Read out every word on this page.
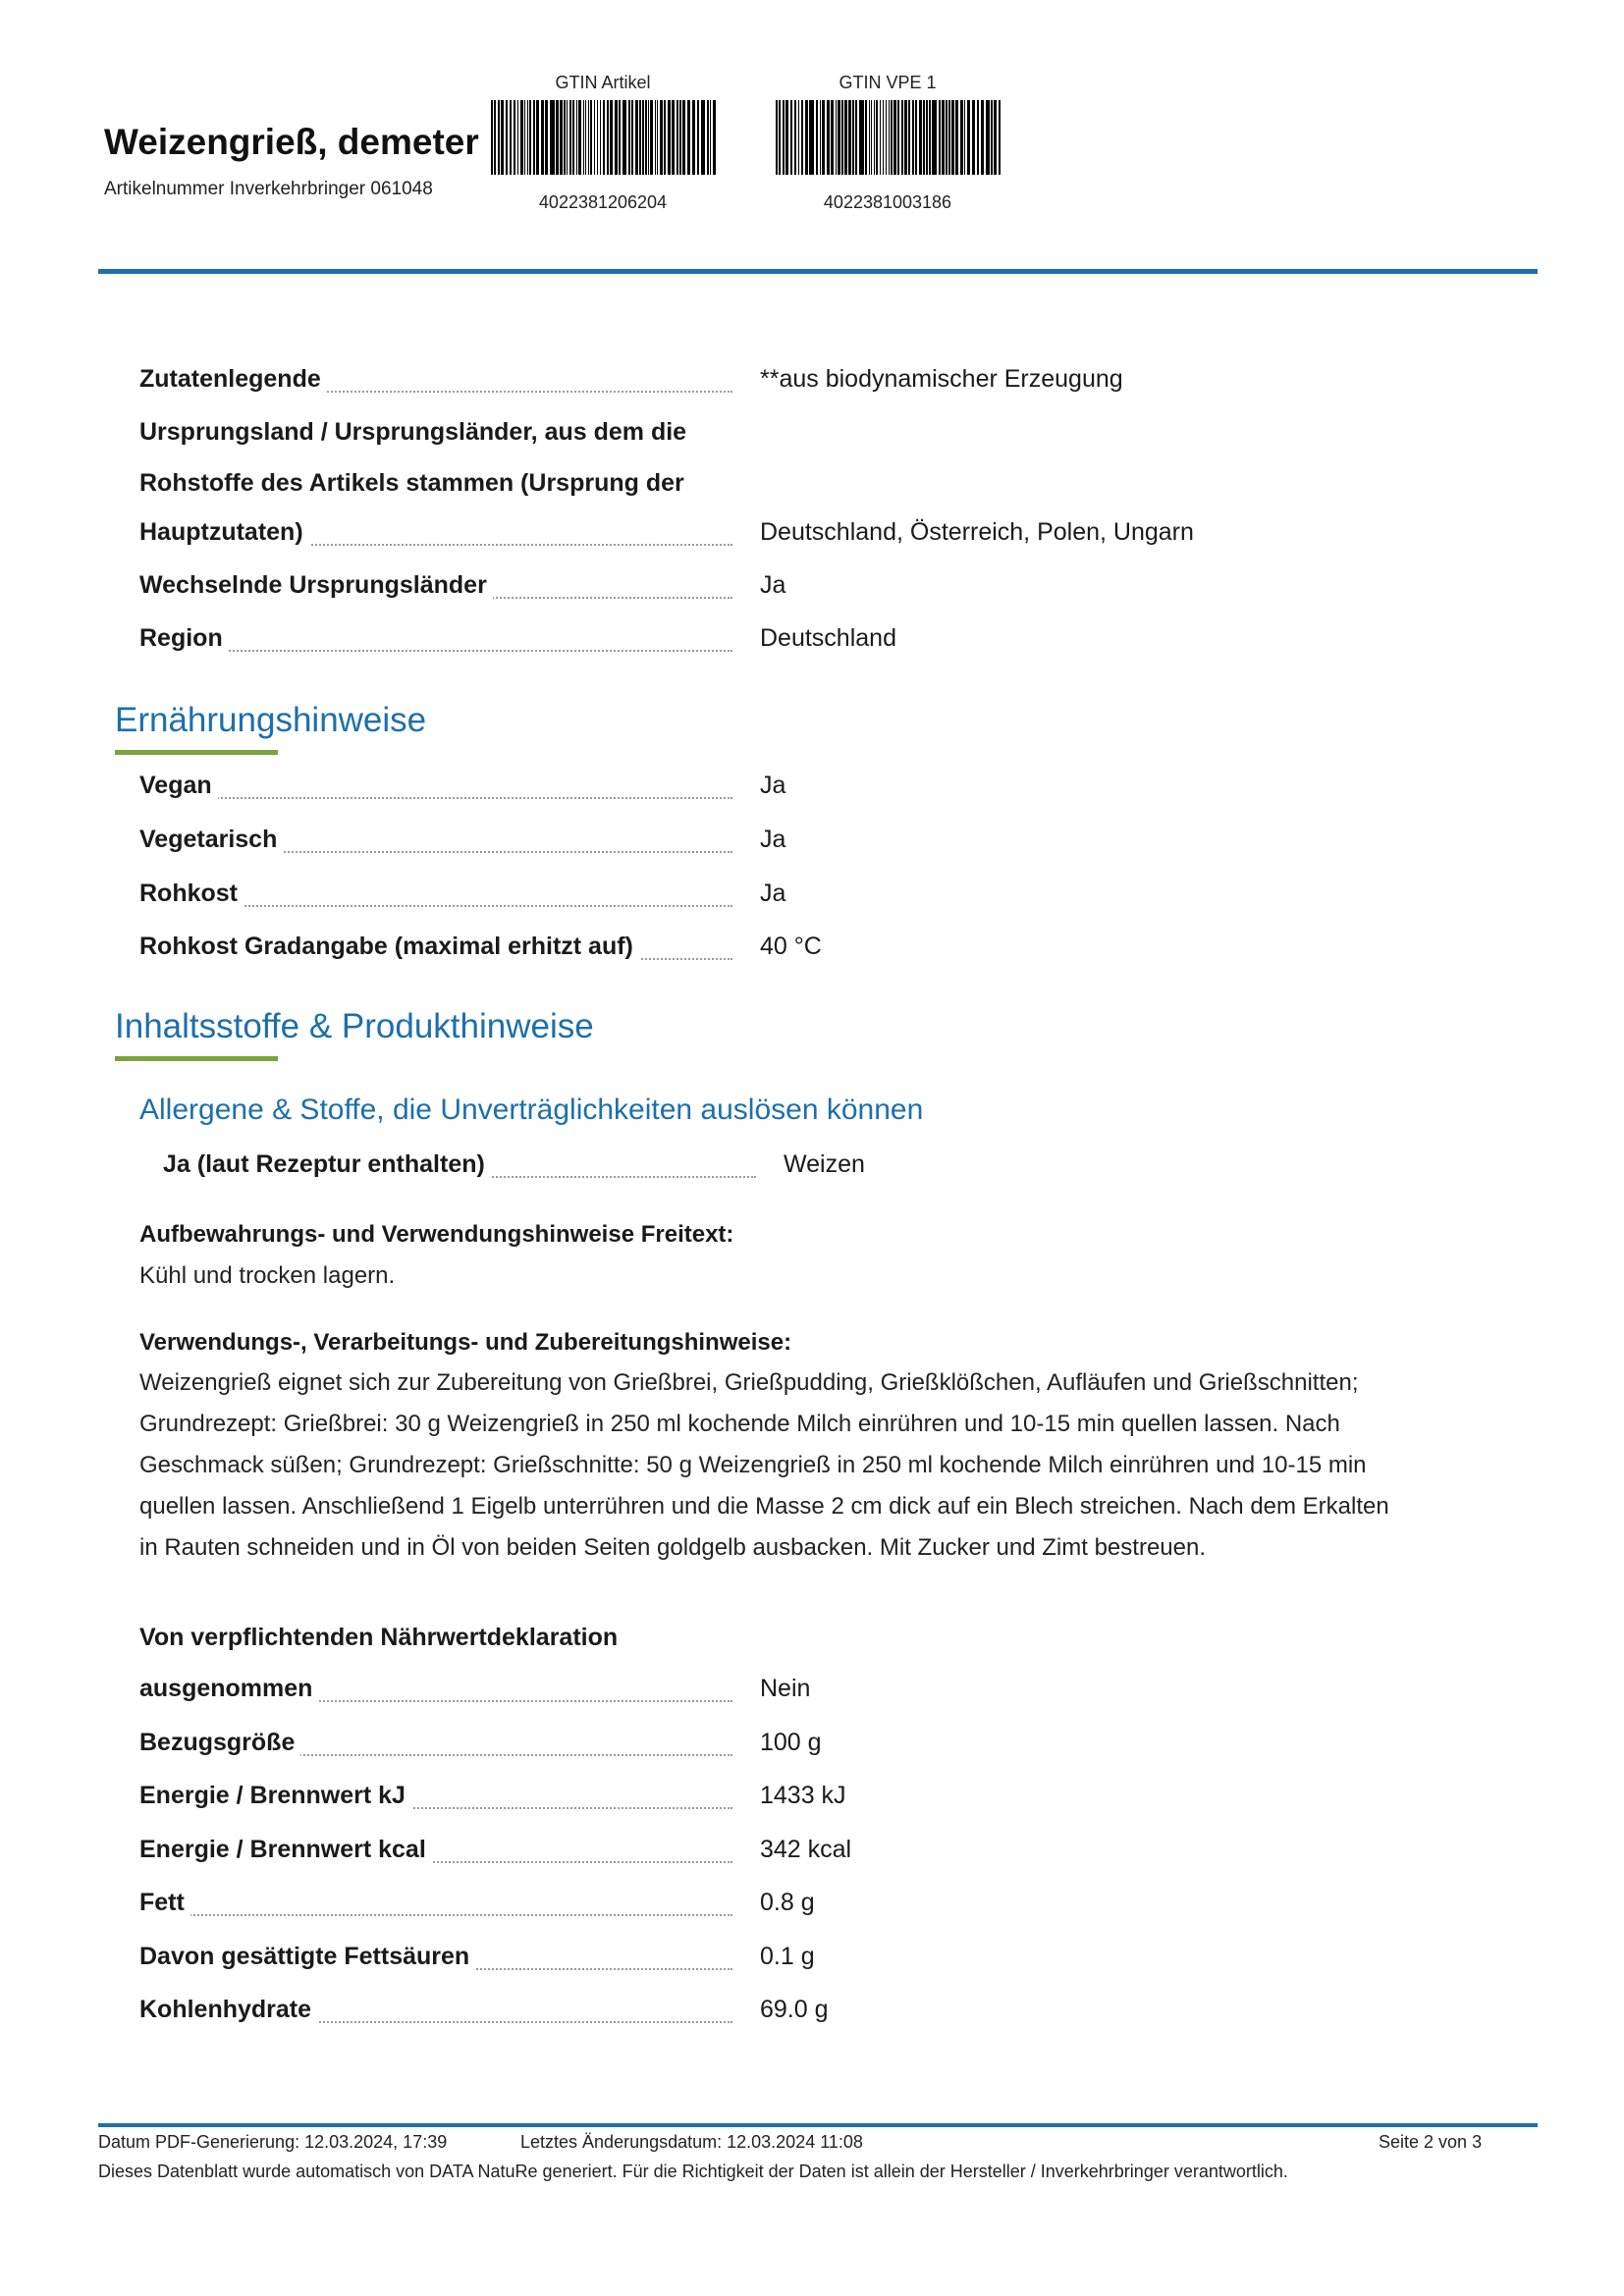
Weizengrieß, demeter
Artikelnummer Inverkehrbringer 061048
GTIN Artikel
4022381206204
GTIN VPE 1
4022381003186
Zutatenlegende	**aus biodynamischer Erzeugung
Ursprungsland / Ursprungsländer, aus dem die
Rohstoffe des Artikels stammen (Ursprung der
Hauptzutaten)	Deutschland, Österreich, Polen, Ungarn
Wechselnde Ursprungsländer	Ja
Region	Deutschland
Ernährungshinweise
Vegan	Ja
Vegetarisch	Ja
Rohkost	Ja
Rohkost Gradangabe (maximal erhitzt auf)	40 °C
Inhaltsstoffe & Produkthinweise
Allergene & Stoffe, die Unverträglichkeiten auslösen können
Ja (laut Rezeptur enthalten)	Weizen
Aufbewahrungs- und Verwendungshinweise Freitext:
Kühl und trocken lagern.
Verwendungs-, Verarbeitungs- und Zubereitungshinweise:
Weizengrieß eignet sich zur Zubereitung von Grießbrei, Grießpudding, Grießklößchen, Aufläufen und Grießschnitten; Grundrezept: Grießbrei: 30 g Weizengrieß in 250 ml kochende Milch einrühren und 10-15 min quellen lassen. Nach Geschmack süßen; Grundrezept: Grießschnitte: 50 g Weizengrieß in 250 ml kochende Milch einrühren und 10-15 min quellen lassen. Anschließend 1 Eigelb unterrühren und die Masse 2 cm dick auf ein Blech streichen. Nach dem Erkalten in Rauten schneiden und in Öl von beiden Seiten goldgelb ausbacken. Mit Zucker und Zimt bestreuen.
Von verpflichtenden Nährwertdeklaration
ausgenommen	Nein
Bezugsgröße	100 g
Energie / Brennwert kJ	1433 kJ
Energie / Brennwert kcal	342 kcal
Fett	0.8 g
Davon gesättigte Fettsäuren	0.1 g
Kohlenhydrate	69.0 g
Datum PDF-Generierung: 12.03.2024, 17:39	Letztes Änderungsdatum: 12.03.2024 11:08	Seite 2 von 3
Dieses Datenblatt wurde automatisch von DATA NatuRe generiert. Für die Richtigkeit der Daten ist allein der Hersteller / Inverkehrbringer verantwortlich.
